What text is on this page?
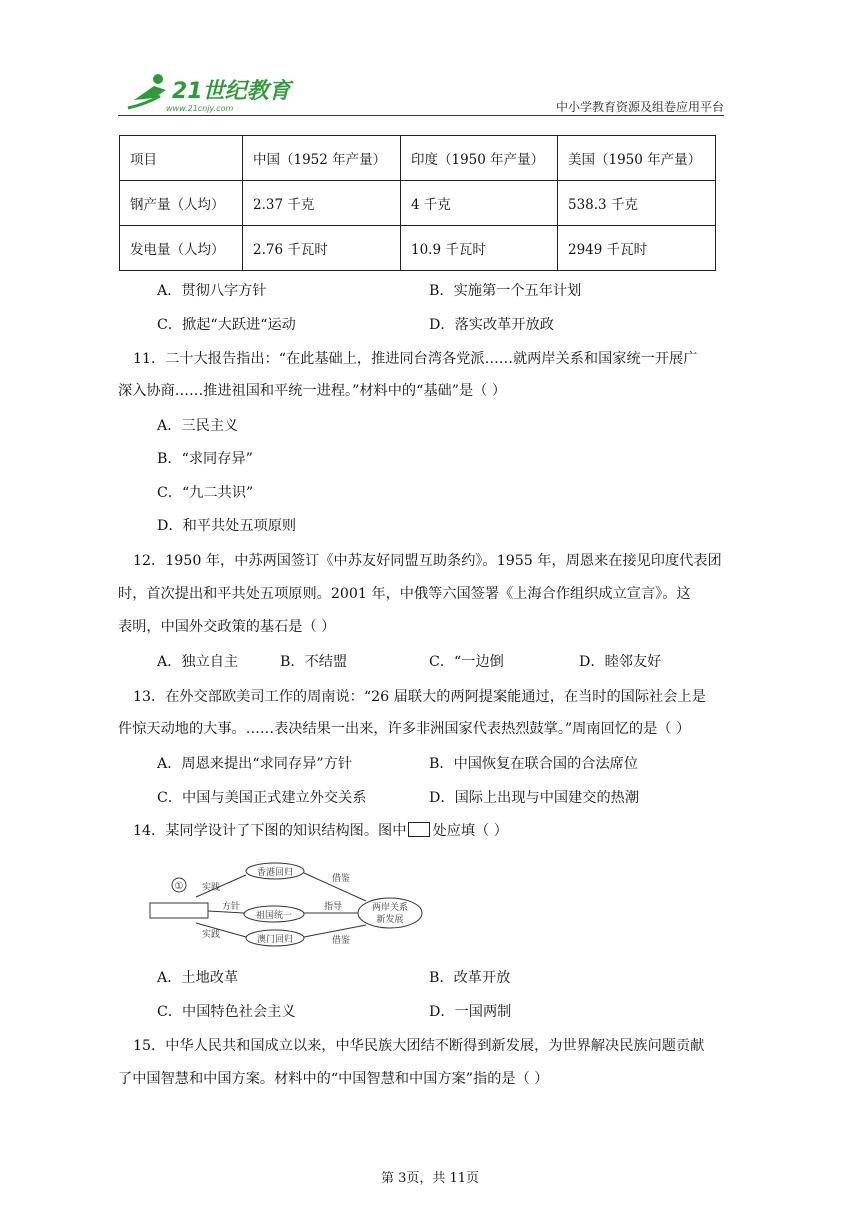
21世纪教育
www.21cnjy.com	中小学教育资源及组卷应用平台
项目	中国（1952 年产量）	印度（1950 年产量）	美国（1950 年产量）
钢产量（人均）	2.37 千克	4 千克	538.3 千克
发电量（人均）	2.76 千瓦时	10.9 千瓦时	2949 千瓦时
A．贯彻八字方针	B．实施第一个五年计划
C．掀起“大跃进“运动	D．落实改革开放政
11．二十大报告指出：“在此基础上，推进同台湾各党派……就两岸关系和国家统一开展广
深入协商……推进祖国和平统一进程。”材料中的“基础”是（ ）
A．三民主义
B．“求同存异”
C．“九二共识”
D．和平共处五项原则
12．1950 年，中苏两国签订《中苏友好同盟互助条约》。1955 年，周恩来在接见印度代表团
时，首次提出和平共处五项原则。2001 年，中俄等六国签署《上海合作组织成立宣言》。这
表明，中国外交政策的基石是（ ）
A．独立自主	B．不结盟	C．“一边倒	D．睦邻友好
13．在外交部欧美司工作的周南说：“26 届联大的两阿提案能通过，在当时的国际社会上是
件惊天动地的大事。……表决结果一出来，许多非洲国家代表热烈鼓掌。”周南回忆的是（ ）
A．周恩来提出“求同存异”方针	B．中国恢复在联合国的合法席位
C．中国与美国正式建立外交关系	D．国际上出现与中国建交的热潮
14．某同学设计了下图的知识结构图。图中 处应填（ ）
①
祖国统一
香港回归
澳门回归
两岸关系
新发展
实践
实践
方针	指导
借鉴
借鉴
A．土地改革	B．改革开放
C．中国特色社会主义	D．一国两制
15．中华人民共和国成立以来，中华民族大团结不断得到新发展，为世界解决民族问题贡献
了中国智慧和中国方案。材料中的“中国智慧和中国方案”指的是（ ）
第 3页，共 11页
